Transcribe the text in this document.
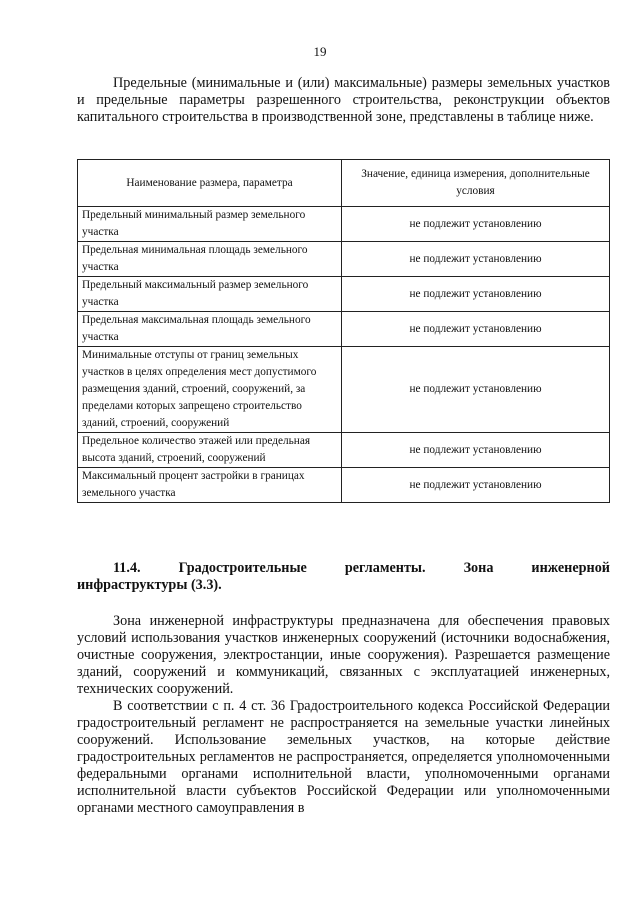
19

Предельные (минимальные и (или) максимальные) размеры земельных участков и предельные параметры разрешенного строительства, реконструкции объектов капитального строительства в производственной зоне, представлены в таблице ниже.

Наименование размера, параметра	Значение, единица измерения, дополнительные условия
Предельный минимальный размер земельного участка	не подлежит установлению
Предельная минимальная площадь земельного участка	не подлежит установлению
Предельный максимальный размер земельного участка	не подлежит установлению
Предельная максимальная площадь земельного участка	не подлежит установлению
Минимальные отступы от границ земельных участков в целях определения мест допустимого размещения зданий, строений, сооружений, за пределами которых запрещено строительство зданий, строений, сооружений	не подлежит установлению
Предельное количество этажей или предельная высота зданий, строений, сооружений	не подлежит установлению
Максимальный процент застройки в границах земельного участка	не подлежит установлению
11.4.	Градостроительные	регламенты.	Зона	инженерной
инфраструктуры (3.3).

Зона инженерной инфраструктуры предназначена для обеспечения правовых условий использования участков инженерных сооружений (источники водоснабжения, очистные сооружения, электростанции, иные сооружения). Разрешается размещение зданий, сооружений и коммуникаций, связанных с эксплуатацией инженерных, технических сооружений.

В соответствии с п. 4 ст. 36 Градостроительного кодекса Российской Федерации градостроительный регламент не распространяется на земельные участки линейных сооружений. Использование земельных участков, на которые действие градостроительных регламентов не распространяется, определяется уполномоченными федеральными органами исполнительной власти, уполномоченными органами исполнительной власти субъектов Российской Федерации или уполномоченными органами местного самоуправления в
